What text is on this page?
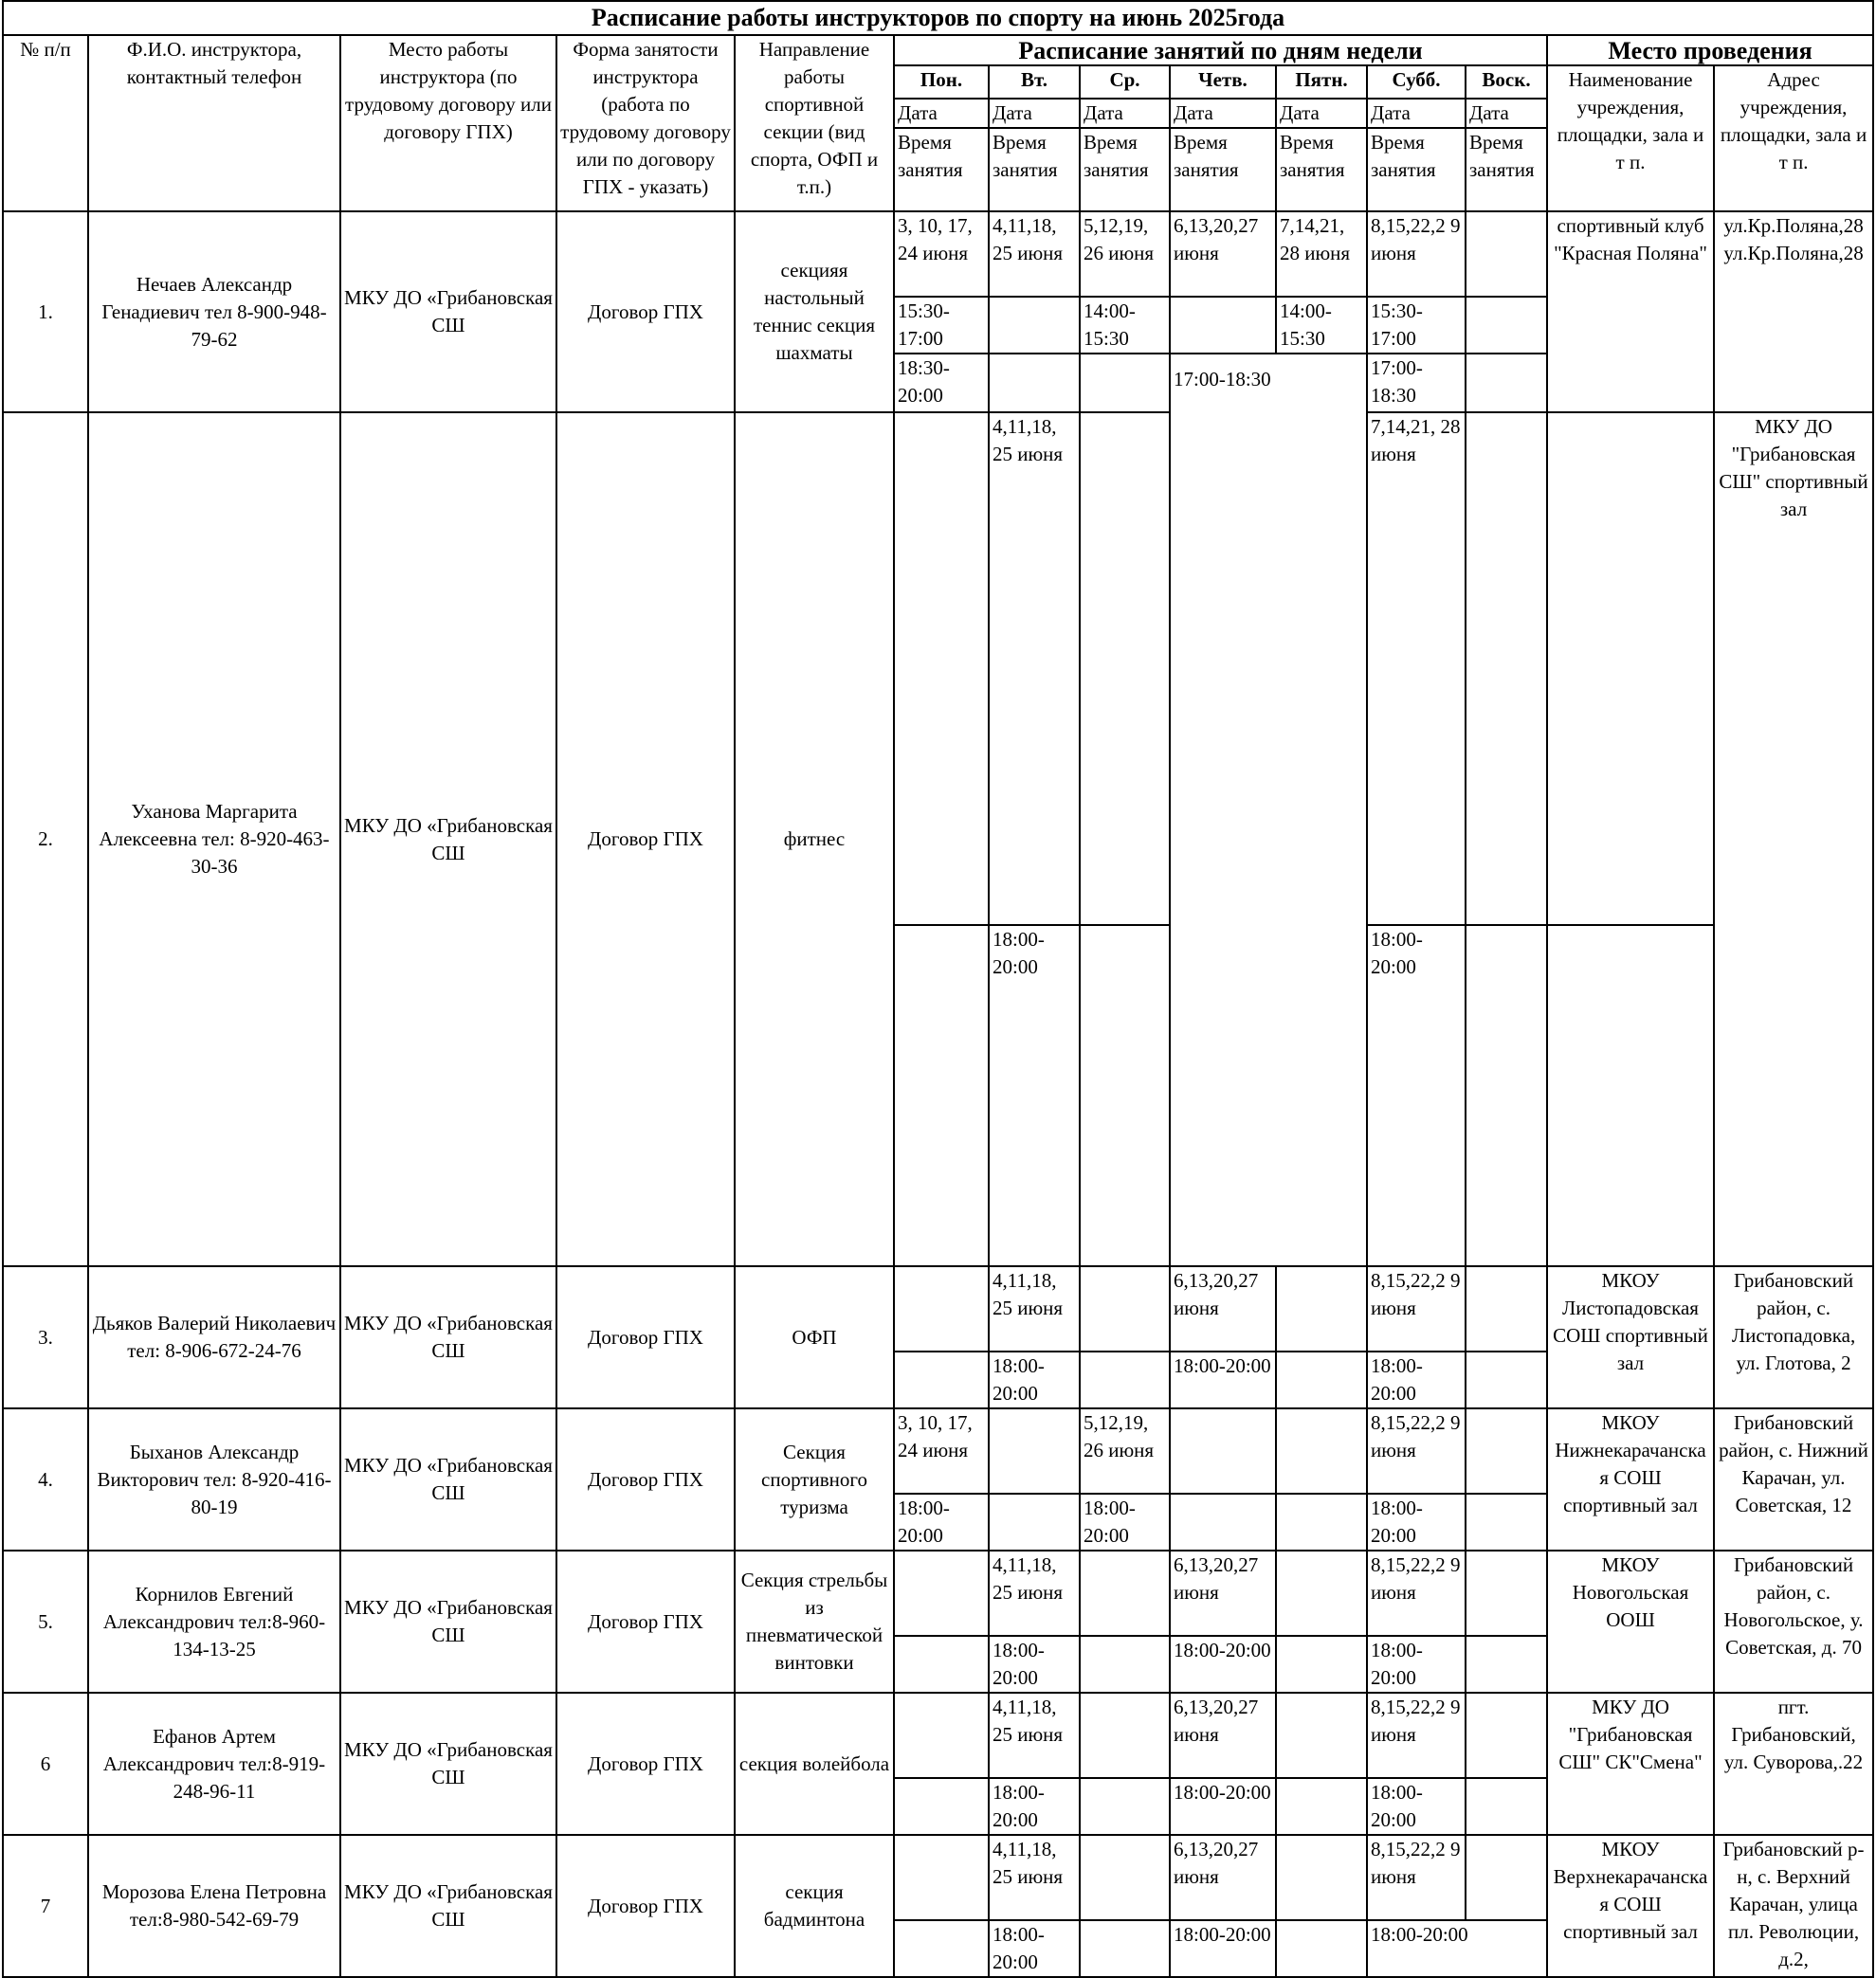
Расписание работы инструкторов по спорту на июнь 2025года														
№ п/п	Ф.И.О. инструктора, контактный телефон	Место работы инструктора (по трудовому договору или договору ГПХ)	Форма занятости инструктора (работа по трудовому договору или по договору ГПХ - указать)	Направление работы спортивной секции (вид спорта, ОФП и т.п.)	Расписание занятий по дням недели							Место проведения		
					Пон.	Вт.	Ср.	Четв.	Пятн.	Субб.	Воск.	Наименование учреждения, площадки, зала и т п.	Адрес учреждения, площадки, зала и т п.	
					Дата	Дата	Дата	Дата	Дата	Дата	Дата			
					Время занятия	Время занятия	Время занятия	Время занятия	Время занятия	Время занятия	Время занятия			
1.	Нечаев Александр Генадиевич тел 8-900-948-79-62	МКУ ДО «Грибановская СШ	Договор ГПХ	секцияя настольный теннис секция шахматы	3, 10, 17, 24 июня	4,11,18, 25 июня	5,12,19, 26 июня	6,13,20,27 июня	7,14,21, 28 июня	8,15,22,2 9 июня		спортивный клуб "Красная Поляна"	ул.Кр.Поляна,28 ул.Кр.Поляна,28	
					15:30-17:00		14:00-15:30		14:00-15:30	15:30-17:00				
					18:30-20:00			17:00-18:30		17:00-18:30				
2.	Уханова Маргарита Алексеевна тел: 8-920-463-30-36	МКУ ДО «Грибановская СШ	Договор ГПХ	фитнес		4,11,18, 25 июня				7,14,21, 28 июня			МКУ ДО "Грибановская СШ" спортивный зал	
						18:00-20:00				18:00-20:00				
3.	Дьяков Валерий Николаевич тел: 8-906-672-24-76	МКУ ДО «Грибановская СШ	Договор ГПХ	ОФП		4,11,18, 25 июня		6,13,20,27 июня		8,15,22,2 9 июня		МКОУ Листопадовская СОШ спортивный зал	Грибановский район, с. Листопадовка, ул. Глотова, 2	
						18:00-20:00		18:00-20:00		18:00-20:00				
4.	Быханов Александр Викторович тел: 8-920-416-80-19	МКУ ДО «Грибановская СШ	Договор ГПХ	Секция спортивного туризма	3, 10, 17, 24 июня		5,12,19, 26 июня			8,15,22,2 9 июня		МКОУ Нижнекарачанская СОШ спортивный зал	Грибановский район, с. Нижний Карачан, ул. Советская, 12	
					18:00-20:00		18:00-20:00			18:00-20:00				
5.	Корнилов Евгений Александрович тел:8-960-134-13-25	МКУ ДО «Грибановская СШ	Договор ГПХ	Секция стрельбы из пневматической винтовки		4,11,18, 25 июня		6,13,20,27 июня		8,15,22,2 9 июня		МКОУ Новогольская ООШ	Грибановский район, с. Новогольское, у. Советская, д. 70	
						18:00-20:00		18:00-20:00		18:00-20:00				
6	Ефанов Артем Александрович тел:8-919-248-96-11	МКУ ДО «Грибановская СШ	Договор ГПХ	секция волейбола		4,11,18, 25 июня		6,13,20,27 июня		8,15,22,2 9 июня		МКУ ДО "Грибановская СШ" СК"Смена"	пгт. Грибановский, ул. Суворова,.22	
						18:00-20:00		18:00-20:00		18:00-20:00				
7	Морозова Елена Петровна тел:8-980-542-69-79	МКУ ДО «Грибановская СШ	Договор ГПХ	секция бадминтона		4,11,18, 25 июня		6,13,20,27 июня		8,15,22,2 9 июня		МКОУ Верхнекарачанская СОШ спортивный зал	Грибановский р-н, с. Верхний Карачан, улица пл. Революции, д.2,	

						18:00-20:00		18:00-20:00		18:00-20:00				
